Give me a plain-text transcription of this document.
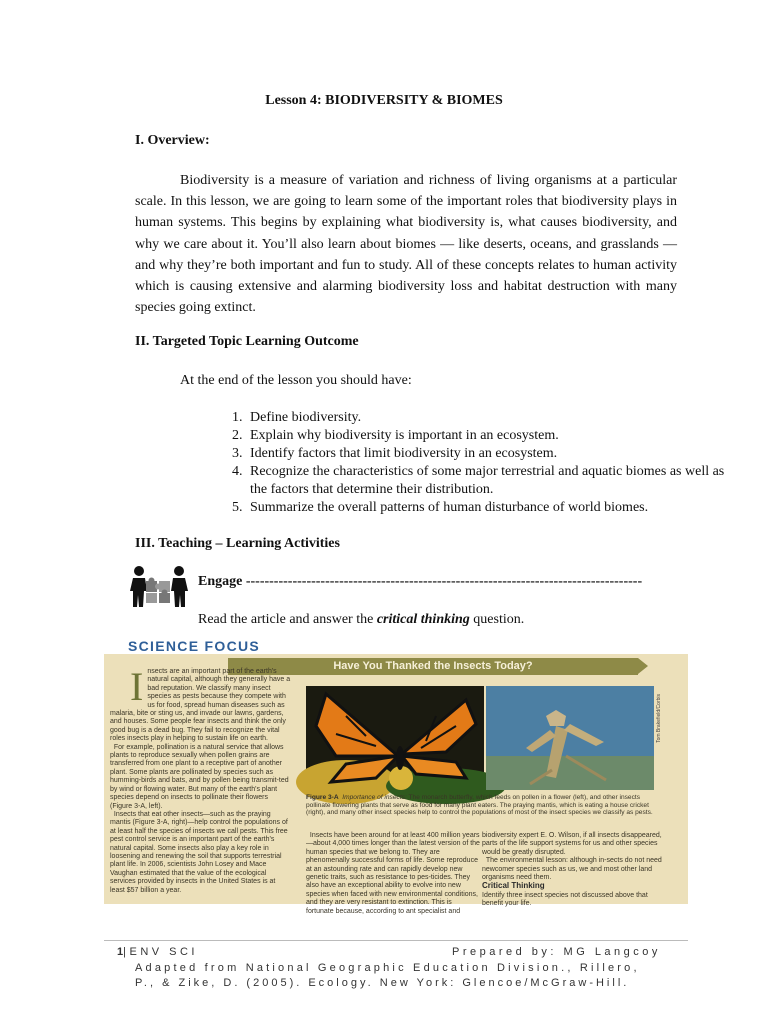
Lesson 4: BIODIVERSITY & BIOMES
I. Overview:
Biodiversity is a measure of variation and richness of living organisms at a particular scale. In this lesson, we are going to learn some of the important roles that biodiversity plays in human systems. This begins by explaining what biodiversity is, what causes biodiversity, and why we care about it. You’ll also learn about biomes — like deserts, oceans, and grasslands — and why they’re both important and fun to study. All of these concepts relates to human activity which is causing extensive and alarming biodiversity loss and habitat destruction with many species going extinct.
II. Targeted Topic Learning Outcome
At the end of the lesson you should have:
1. Define biodiversity.
2. Explain why biodiversity is important in an ecosystem.
3. Identify factors that limit biodiversity in an ecosystem.
4. Recognize the characteristics of some major terrestrial and aquatic biomes as well as the factors that determine their distribution.
5. Summarize the overall patterns of human disturbance of world biomes.
III. Teaching – Learning Activities
Engage -------------------------------------------------------------------------------------
Read the article and answer the critical thinking question.
SCIENCE FOCUS
Have You Thanked the Insects Today?
I nsects are an important part of the earth's natural capital, although they generally have a bad reputation. We classify many insect species as pests because they compete with us for food, spread human diseases such as malaria, bite or sting us, and invade our lawns, gardens, and houses. Some people fear insects and think the only good bug is a dead bug. They fail to recognize the vital roles insects play in helping to sustain life on earth.
For example, pollination is a natural service that allows plants to reproduce sexually when pollen grains are transferred from one plant to a receptive part of another plant. Some plants are pollinated by species such as humming-birds and bats, and by pollen being transmit-ted by wind or flowing water. But many of the earth's plant species depend on insects to pollinate their flowers (Figure 3-A, left).
Insects that eat other insects—such as the praying mantis (Figure 3-A, right)—help control the populations of at least half the species of insects we call pests. This free pest control service is an important part of the earth's natural capital. Some insects also play a key role in loosening and renewing the soil that supports terrestrial plant life. In 2006, scientists John Losey and Mace Vaughan estimated that the value of the ecological services provided by insects in the United States is at least $57 billion a year.
Tom Brakefield/Corbis
Figure 3-A Importance of insects: The monarch butterfly, which feeds on pollen in a flower (left), and other insects pollinate flowering plants that serve as food for many plant eaters. The praying mantis, which is eating a house cricket (right), and many other insect species help to control the populations of most of the insect species we classify as pests.
Insects have been around for at least 400 million years—about 4,000 times longer than the latest version of the human species that we belong to. They are phenomenally successful forms of life. Some reproduce at an astounding rate and can rapidly develop new genetic traits, such as resistance to pes-ticides. They also have an exceptional ability to evolve into new species when faced with new environmental conditions, and they are very resistant to extinction. This is fortunate because, according to ant specialist and
biodiversity expert E. O. Wilson, if all insects disappeared, parts of the life support systems for us and other species would be greatly disrupted.
The environmental lesson: although in-sects do not need newcomer species such as us, we and most other land organisms need them.
Critical Thinking
Identify three insect species not discussed above that benefit your life.
1|ENV SCI	Prepared by: MG Langcoy
Adapted from National Geographic Education Division., Rillero,
P., & Zike, D. (2005). Ecology. New York: Glencoe/McGraw-Hill.
